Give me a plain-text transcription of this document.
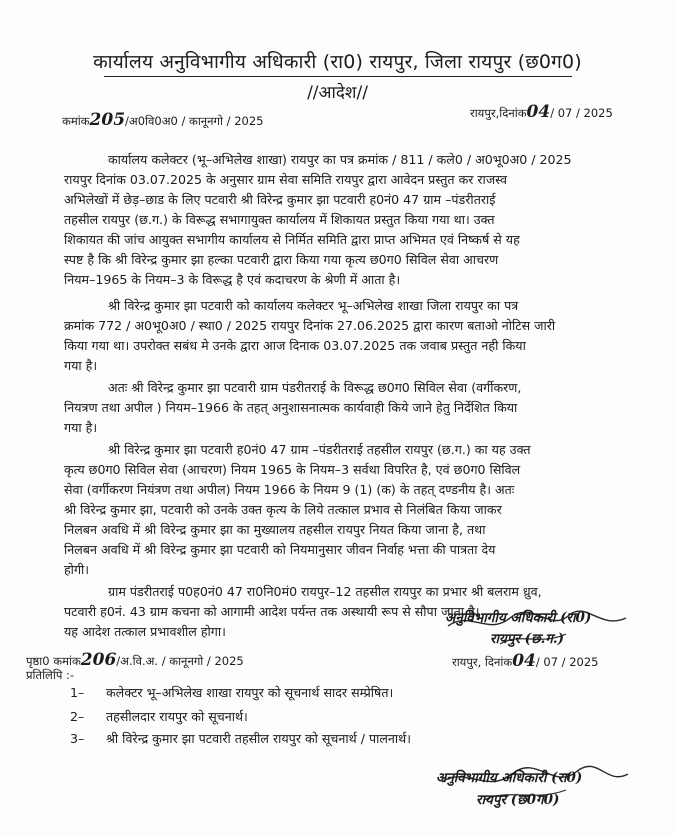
कार्यालय अनुविभागीय अधिकारी (रा0) रायपुर, जिला रायपुर (छ0ग0)
//आदेश//
कमांक205/अ0वि0अ0 / कानूनगो / 2025
रायपुर,दिनांक04/ 07 / 2025
कार्यालय कलेक्टर (भू–अभिलेख शाखा) रायपुर का पत्र क्रमांक / 811 / कले0 / अ0भू0अ0 / 2025
रायपुर दिनांक 03.07.2025 के अनुसार ग्राम सेवा समिति रायपुर द्वारा आवेदन प्रस्तुत कर राजस्व
अभिलेखों में छेड़–छाड के लिए पटवारी श्री विरेन्द्र कुमार झा पटवारी ह0नं0 47 ग्राम –पंडरीतराई
तहसील रायपुर (छ.ग.) के विरूद्ध सभागायुक्त कार्यालय में शिकायत प्रस्तुत किया गया था। उक्त
शिकायत की जांच आयुक्त सभागीय कार्यालय से निर्मित समिति द्वारा प्राप्त अभिमत एवं निष्कर्ष से यह
स्पष्ट है कि श्री विरेन्द्र कुमार झा हल्का पटवारी द्वारा किया गया कृत्य छ0ग0 सिविल सेवा आचरण
नियम–1965 के नियम–3 के विरूद्ध है एवं कदाचरण के श्रेणी में आता है।
श्री विरेन्द्र कुमार झा पटवारी को कार्यालय कलेक्टर भू–अभिलेख शाखा जिला रायपुर का पत्र
क्रमांक 772 / अ0भू0अ0 / स्था0 / 2025 रायपुर दिनांक 27.06.2025 द्वारा कारण बताओ नोटिस जारी
किया गया था। उपरोक्त सबंध मे उनके द्वारा आज दिनाक 03.07.2025 तक जवाब प्रस्तुत नही किया
गया है।
अतः श्री विरेन्द्र कुमार झा पटवारी ग्राम पंडरीतराई के विरूद्ध छ0ग0 सिविल सेवा (वर्गीकरण,
नियत्रण तथा अपील ) नियम–1966 के तहत् अनुशासनात्मक कार्यवाही किये जाने हेतु निर्देशित किया
गया है।
श्री विरेन्द्र कुमार झा पटवारी ह0नं0 47 ग्राम –पंडरीतराई तहसील रायपुर (छ.ग.) का यह उक्त
कृत्य छ0ग0 सिविल सेवा (आचरण) नियम 1965 के नियम–3 सर्वथा विपरित है, एवं छ0ग0 सिविल
सेवा (वर्गीकरण नियंत्रण तथा अपील) नियम 1966 के नियम 9 (1) (क) के तहत् दण्डनीय है। अतः
श्री विरेन्द्र कुमार झा, पटवारी को उनके उक्त कृत्य के लिये तत्काल प्रभाव से निलंबित किया जाकर
निलबन अवधि में श्री विरेन्द्र कुमार झा का मुख्यालय तहसील रायपुर नियत किया जाना है, तथा
निलबन अवधि में श्री विरेन्द्र कुमार झा पटवारी को नियमानुसार जीवन निर्वाह भत्ता की पात्रता देय
होगी।
ग्राम पंडरीतराई प0ह0नं0 47 रा0नि0मं0 रायपुर–12 तहसील रायपुर का प्रभार श्री बलराम ध्रुव,
पटवारी ह0नं. 43 ग्राम कचना को आगामी आदेश पर्यन्त तक अस्थायी रूप से सौपा जाता है।
यह आदेश तत्काल प्रभावशील होगा।
अनुविभागीय अधिकारी (रा0)
रायपुर (छ.ग.)
रायपुर, दिनांक04/ 07 / 2025
पृष्ठा0 कमांक206/अ.वि.अ. / कानूनगो / 2025
प्रतिलिपि :-
1– कलेक्टर भू–अभिलेख शाखा रायपुर को सूचनार्थ सादर सम्प्रेषित।
2– तहसीलदार रायपुर को सूचनार्थ।
3– श्री विरेन्द्र कुमार झा पटवारी तहसील रायपुर को सूचनार्थ / पालनार्थ।
अनुविभागीय अधिकारी (रा0)
रायपुर (छ0ग0)
